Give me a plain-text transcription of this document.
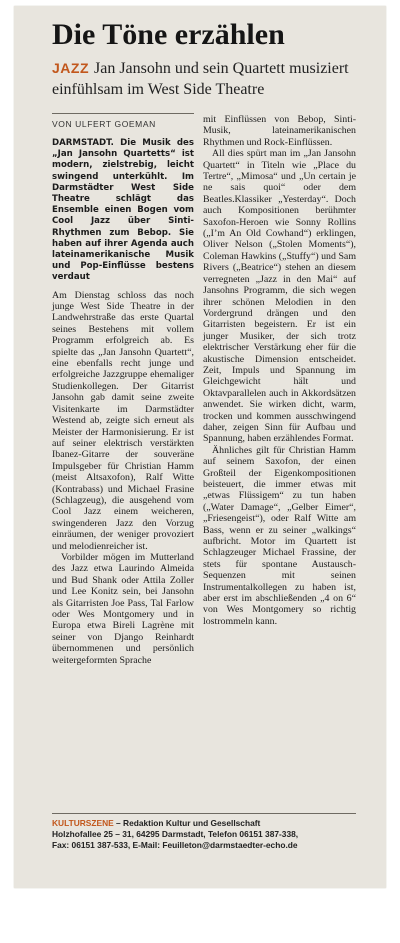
Die Töne erzählen
JAZZ Jan Jansohn und sein Quartett musiziert einfühlsam im West Side Theatre
VON ULFERT GOEMAN

DARMSTADT. Die Musik des „Jan Jansohn Quartetts“ ist modern, zielstrebig, leicht swingend unterkühlt. Im Darmstädter West Side Theatre schlägt das Ensemble einen Bogen vom Cool Jazz über Sinti-Rhythmen zum Bebop. Sie haben auf ihrer Agenda auch lateinamerikanische Musik und Pop-Einflüsse bestens verdaut

Am Dienstag schloss das noch junge West Side Theatre in der Landwehrstraße das erste Quartal seines Bestehens mit vollem Programm erfolgreich ab. Es spielte das „Jan Jansohn Quartett“, eine ebenfalls recht junge und erfolgreiche Jazzgruppe ehemaliger Studienkollegen. Der Gitarrist Jansohn gab damit seine zweite Visitenkarte im Darmstädter Westend ab, zeigte sich erneut als Meister der Harmonisierung. Er ist auf seiner elektrisch verstärkten Ibanez-Gitarre der souveräne Impulsgeber für Christian Hamm (meist Altsaxofon), Ralf Witte (Kontrabass) und Michael Frasine (Schlagzeug), die ausgehend vom Cool Jazz einem weicheren, swingenderen Jazz den Vorzug einräumen, der weniger provoziert und melodienreicher ist.

Vorbilder mögen im Mutterland des Jazz etwa Laurindo Almeida und Bud Shank oder Attila Zoller und Lee Konitz sein, bei Jansohn als Gitarristen Joe Pass, Tal Farlow oder Wes Montgomery und in Europa etwa Bireli Lagrène mit seiner von Django Reinhardt übernommenen und persönlich weitergeformten Sprache

mit Einflüssen von Bebop, Sinti-Musik, lateinamerikanischen Rhythmen und Rock-Einflüssen.

All dies spürt man im „Jan Jansohn Quartett“ in Titeln wie „Place du Tertre“, „Mimosa“ und „Un certain je ne sais quoi“ oder dem Beatles.Klassiker „Yesterday“. Doch auch Kompositionen berühmter Saxofon-Heroen wie Sonny Rollins („I’m An Old Cowhand“) erklingen, Oliver Nelson („Stolen Moments“), Coleman Hawkins („Stuffy“) und Sam Rivers („Beatrice“) stehen an diesem verregneten „Jazz in den Mai“ auf Jansohns Programm, die sich wegen ihrer schönen Melodien in den Vordergrund drängen und den Gitarristen begeistern. Er ist ein junger Musiker, der sich trotz elektrischer Verstärkung eher für die akustische Dimension entscheidet. Zeit, Impuls und Spannung im Gleichgewicht hält und Oktavparallelen auch in Akkordsätzen anwendet. Sie wirken dicht, warm, trocken und kommen ausschwingend daher, zeigen Sinn für Aufbau und Spannung, haben erzählendes Format.

Ähnliches gilt für Christian Hamm auf seinem Saxofon, der einen Großteil der Eigenkompositionen beisteuert, die immer etwas mit „etwas Flüssigem“ zu tun haben („Water Damage“, „Gelber Eimer“, „Friesengeist“), oder Ralf Witte am Bass, wenn er zu seiner „walkings“ aufbricht. Motor im Quartett ist Schlagzeuger Michael Frassine, der stets für spontane Austausch-Sequenzen mit seinen Instrumentalkollegen zu haben ist, aber erst im abschließenden „4 on 6“ von Wes Montgomery so richtig lostrommeln kann.

KULTURSZENE – Redaktion Kultur und Gesellschaft
Holzhofallee 25 – 31, 64295 Darmstadt, Telefon 06151 387-338,
Fax: 06151 387-533, E-Mail: Feuilleton@darmstaedter-echo.de
